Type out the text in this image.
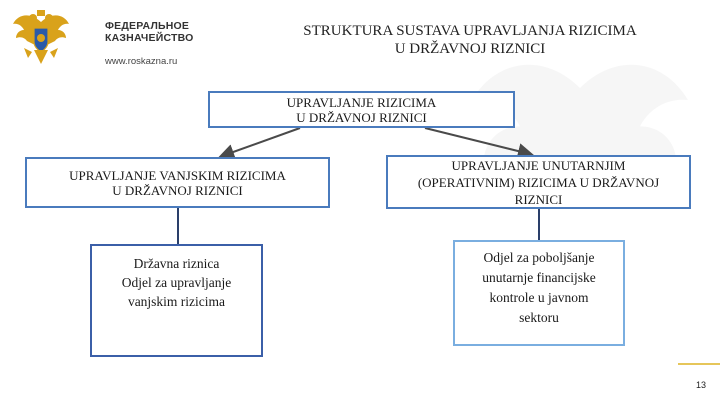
ФЕДЕРАЛЬНОЕ КАЗНАЧЕЙСТВО
www.roskazna.ru
STRUKTURA SUSTAVA UPRAVLJANJA RIZICIMA
U DRŽAVNOJ RIZNICI
UPRAVLJANJE RIZICIMA
U DRŽAVNOJ RIZNICI
UPRAVLJANJE VANJSKIM RIZICIMA
U DRŽAVNOJ RIZNICI
UPRAVLJANJE UNUTARNJIM
(OPERATIVNIM) RIZICIMA U DRŽAVNOJ
RIZNICI
Državna riznica
Odjel za upravljanje
vanjskim rizicima
Odjel za poboljšanje
unutarnje financijske
kontrole u javnom
sektoru
13
